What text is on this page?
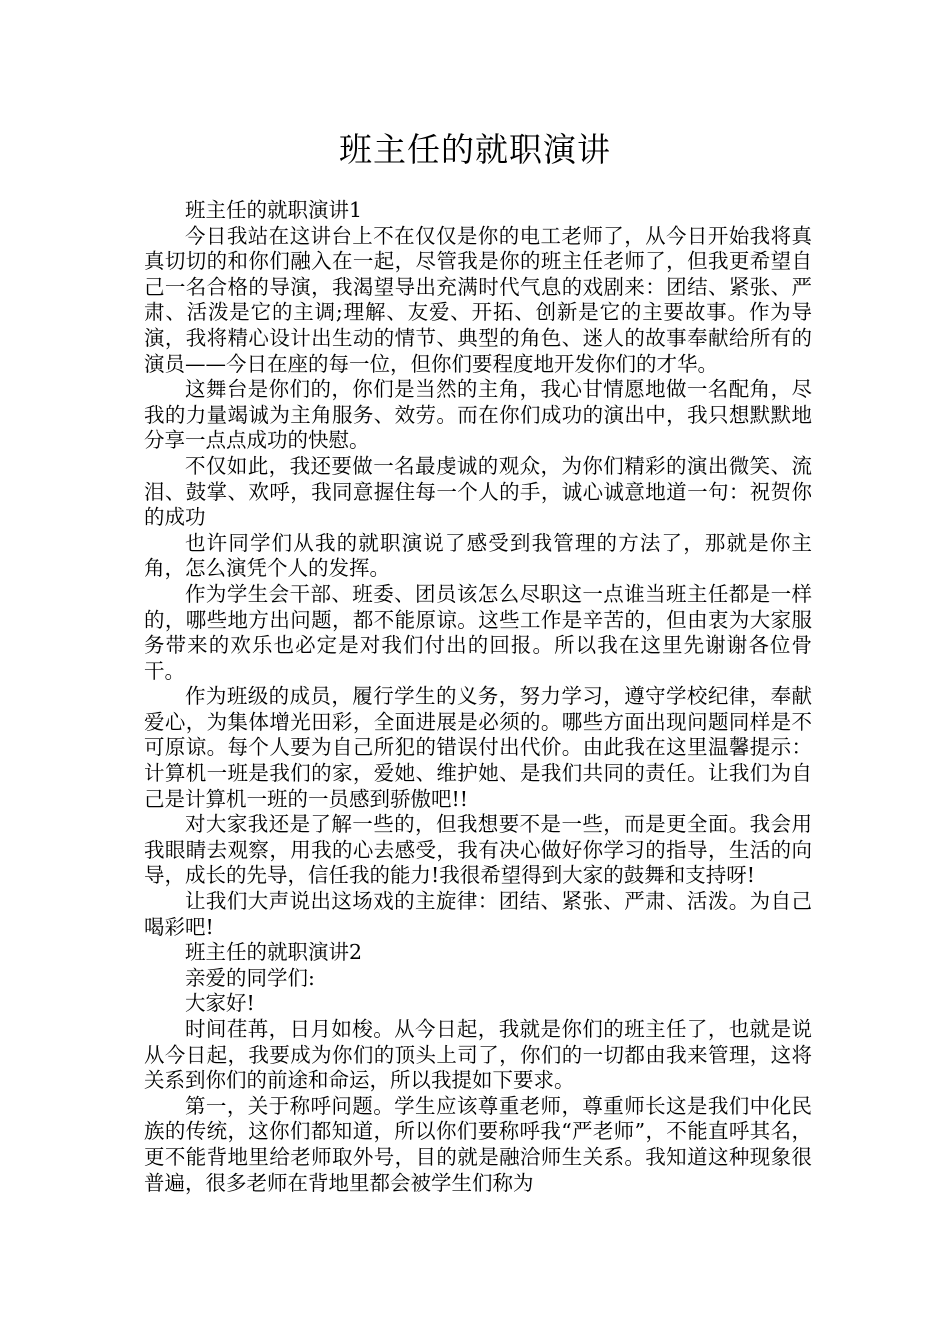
班主任的就职演讲

班主任的就职演讲1

今日我站在这讲台上不在仅仅是你的电工老师了，从今日开始我将真真切切的和你们融入在一起，尽管我是你的班主任老师了，但我更希望自己一名合格的导演，我渴望导出充满时代气息的戏剧来：团结、紧张、严肃、活泼是它的主调;理解、友爱、开拓、创新是它的主要故事。作为导演，我将精心设计出生动的情节、典型的角色、迷人的故事奉献给所有的演员——今日在座的每一位，但你们要程度地开发你们的才华。

这舞台是你们的，你们是当然的主角，我心甘情愿地做一名配角，尽我的力量竭诚为主角服务、效劳。而在你们成功的演出中，我只想默默地分享一点点成功的快慰。

不仅如此，我还要做一名最虔诚的观众，为你们精彩的演出微笑、流泪、鼓掌、欢呼，我同意握住每一个人的手，诚心诚意地道一句：祝贺你的成功

也许同学们从我的就职演说了感受到我管理的方法了，那就是你主角，怎么演凭个人的发挥。

作为学生会干部、班委、团员该怎么尽职这一点谁当班主任都是一样的，哪些地方出问题，都不能原谅。这些工作是辛苦的，但由衷为大家服务带来的欢乐也必定是对我们付出的回报。所以我在这里先谢谢各位骨干。

作为班级的成员，履行学生的义务，努力学习，遵守学校纪律，奉献爱心，为集体增光田彩，全面进展是必须的。哪些方面出现问题同样是不可原谅。每个人要为自己所犯的错误付出代价。由此我在这里温馨提示：计算机一班是我们的家，爱她、维护她、是我们共同的责任。让我们为自己是计算机一班的一员感到骄傲吧!!

对大家我还是了解一些的，但我想要不是一些，而是更全面。我会用我眼睛去观察，用我的心去感受，我有决心做好你学习的指导，生活的向导，成长的先导，信任我的能力!我很希望得到大家的鼓舞和支持呀!

让我们大声说出这场戏的主旋律：团结、紧张、严肃、活泼。为自己喝彩吧!

班主任的就职演讲2

亲爱的同学们:

大家好!

时间荏苒，日月如梭。从今日起，我就是你们的班主任了，也就是说从今日起，我要成为你们的顶头上司了，你们的一切都由我来管理，这将关系到你们的前途和命运，所以我提如下要求。

第一，关于称呼问题。学生应该尊重老师，尊重师长这是我们中化民族的传统，这你们都知道，所以你们要称呼我“严老师”，不能直呼其名，更不能背地里给老师取外号，目的就是融洽师生关系。我知道这种现象很普遍，很多老师在背地里都会被学生们称为
